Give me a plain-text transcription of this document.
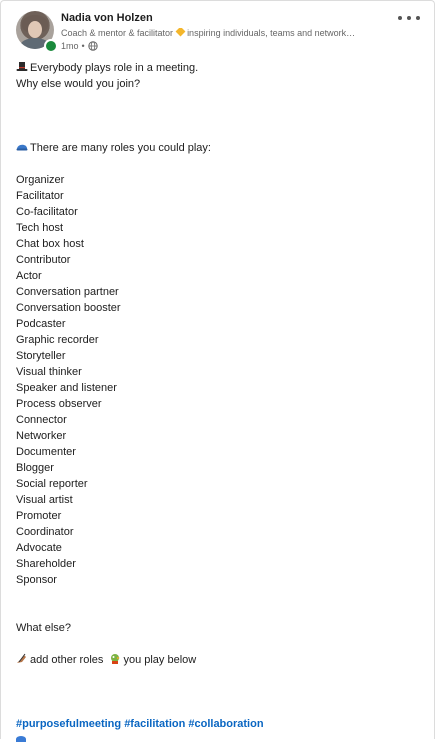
Nadia von Holzen
Coach & mentor & facilitator inspiring individuals, teams and network…
1mo •
Everybody plays role in a meeting.
Why else would you join?
There are many roles you could play:
Organizer
Facilitator
Co-facilitator
Tech host
Chat box host
Contributor
Actor
Conversation partner
Conversation booster
Podcaster
Graphic recorder
Storyteller
Visual thinker
Speaker and listener
Process observer
Connector
Networker
Documenter
Blogger
Social reporter
Visual artist
Promoter
Coordinator
Advocate
Shareholder
Sponsor
What else?
add other roles you play below
#purposefulmeeting #facilitation #collaboration
